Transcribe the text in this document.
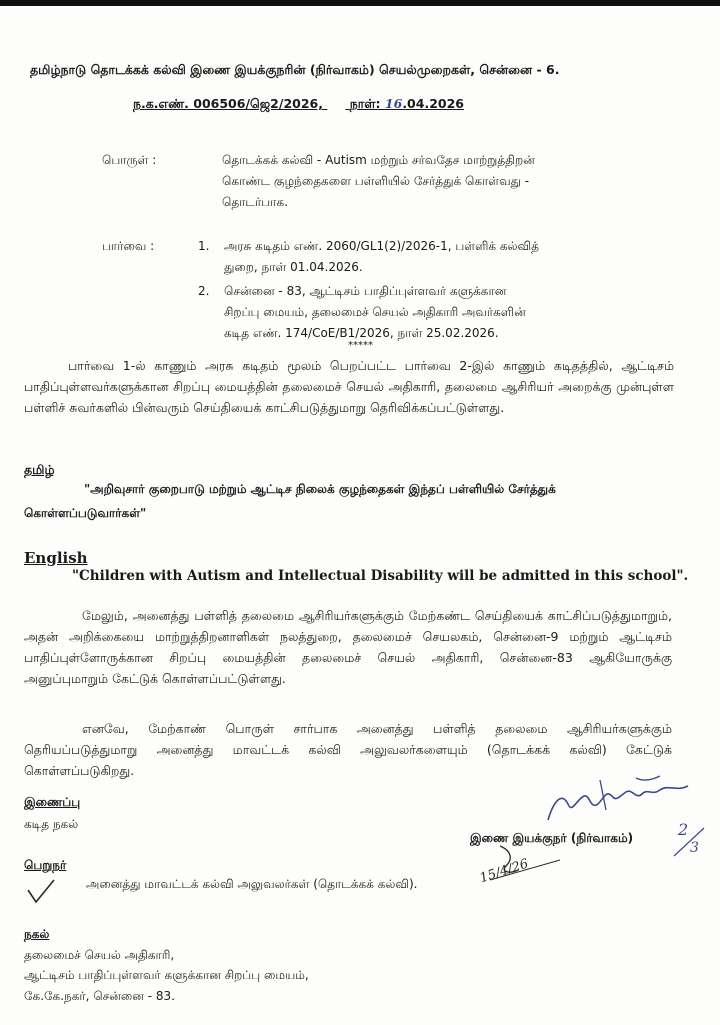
தமிழ்நாடு தொடக்கக் கல்வி இணை இயக்குநரின் (நிர்வாகம்) செயல்முறைகள், சென்னை - 6.
ந.க.எண். 006506/ஜெ2/2026, நாள்: 16.04.2026
பொருள் :	தொடக்கக் கல்வி - Autism மற்றும் சர்வதேச மாற்றுத்திறன்
கொண்ட குழந்தைகளை பள்ளியில் சேர்த்துக் கொள்வது -
தொடர்பாக.
பார்வை :	1. அரசு கடிதம் எண். 2060/GL1(2)/2026-1, பள்ளிக் கல்வித்
துறை, நாள் 01.04.2026.
2. சென்னை - 83, ஆட்டிசம் பாதிப்புள்ளவர் களுக்கான
சிறப்பு மையம், தலைமைச் செயல் அதிகாரி அவர்களின்
கடித எண். 174/CoE/B1/2026, நாள் 25.02.2026.
*****
பார்வை 1-ல் காணும் அரசு கடிதம் மூலம் பெறப்பட்ட பார்வை 2-இல் காணும் கடிதத்தில், ஆட்டிசம் பாதிப்புள்ளவர்களுக்கான சிறப்பு மையத்தின் தலைமைச் செயல் அதிகாரி, தலைமை ஆசிரியர் அறைக்கு முன்புள்ள பள்ளிச் சுவர்களில் பின்வரும் செய்தியைக் காட்சிபடுத்துமாறு தெரிவிக்கப்பட்டுள்ளது.
தமிழ்
"அறிவுசார் குறைபாடு மற்றும் ஆட்டிச நிலைக் குழந்தைகள் இந்தப் பள்ளியில் சேர்த்துக்
கொள்ளப்படுவார்கள்"
English
"Children with Autism and Intellectual Disability will be admitted in this school".
மேலும், அனைத்து பள்ளித் தலைமை ஆசிரியர்களுக்கும் மேற்கண்ட செய்தியைக் காட்சிப்படுத்துமாறும், அதன் அறிக்கையை மாற்றுத்திறனாளிகள் நலத்துறை, தலைமைச் செயலகம், சென்னை-9 மற்றும் ஆட்டிசம் பாதிப்புள்ளோருக்கான சிறப்பு மையத்தின் தலைமைச் செயல் அதிகாரி, சென்னை-83 ஆகியோருக்கு அனுப்புமாறும் கேட்டுக் கொள்ளப்பட்டுள்ளது.
எனவே, மேற்காண் பொருள் சார்பாக அனைத்து பள்ளித் தலைமை ஆசிரியர்களுக்கும் தெரியப்படுத்துமாறு அனைத்து மாவட்டக் கல்வி அலுவலர்களையும் (தொடக்கக் கல்வி) கேட்டுக் கொள்ளப்படுகிறது.
இணைப்பு
கடித நகல்
இணை இயக்குநர் (நிர்வாகம்)	2
3
பெறுநர்
அனைத்து மாவட்டக் கல்வி அலுவலர்கள் (தொடக்கக் கல்வி).	15/4/26
நகல்
தலைமைச் செயல் அதிகாரி,
ஆட்டிசம் பாதிப்புள்ளவர் களுக்கான சிறப்பு மையம்,
கே.கே.நகர், சென்னை - 83.
